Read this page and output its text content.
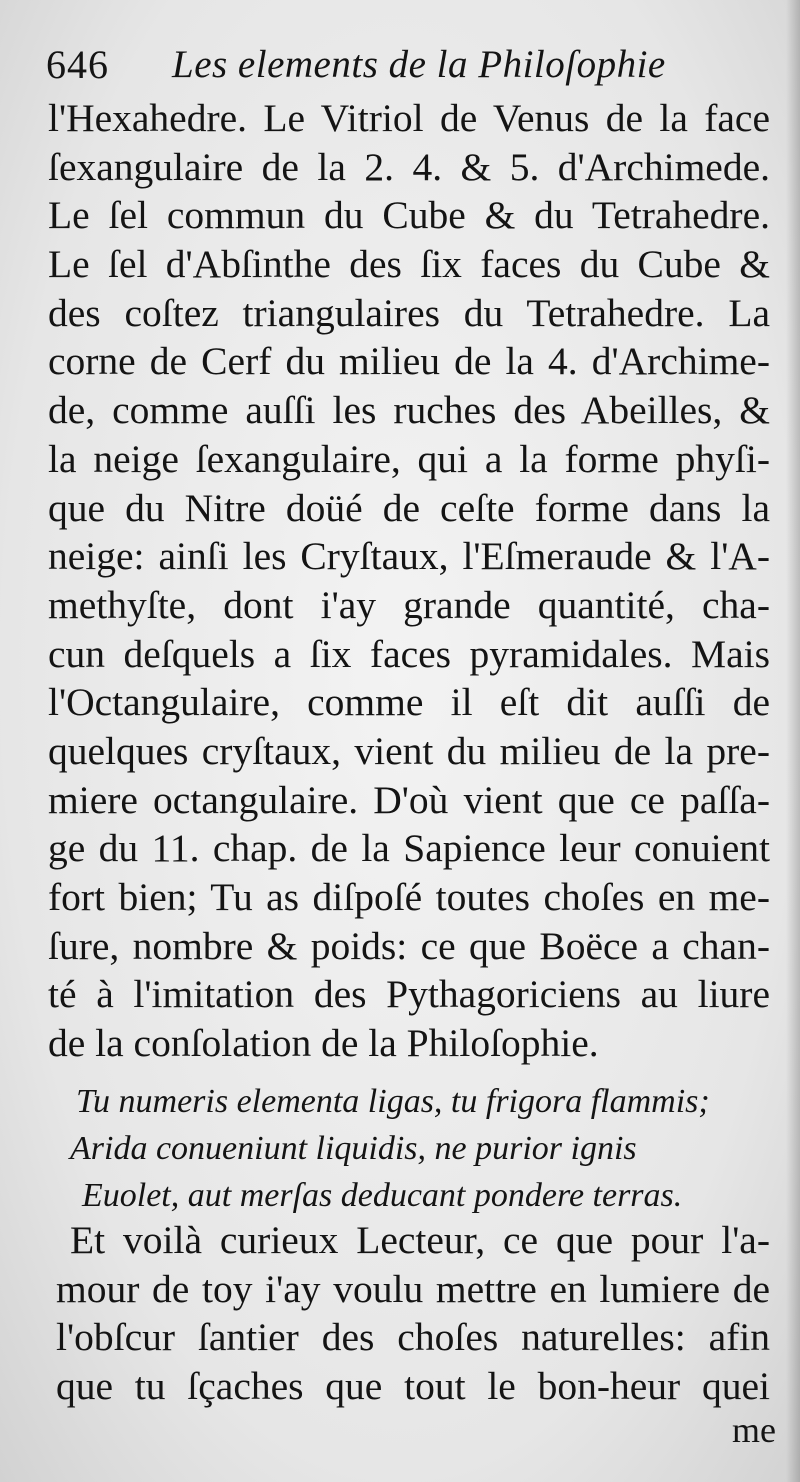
646 Les elements de la Philoſophie
l'Hexahedre. Le Vitriol de Venus de la face
ſexangulaire de la 2. 4. & 5. d'Archimede.
Le ſel commun du Cube & du Tetrahedre.
Le ſel d'Abſinthe des ſix faces du Cube &
des coſtez triangulaires du Tetrahedre. La
corne de Cerf du milieu de la 4. d'Archime-
de, comme auſſi les ruches des Abeilles, &
la neige ſexangulaire, qui a la forme phyſi-
que du Nitre doüé de ceſte forme dans la
neige: ainſi les Cryſtaux, l'Eſmeraude & l'A-
methyſte, dont i'ay grande quantité, cha-
cun deſquels a ſix faces pyramidales. Mais
l'Octangulaire, comme il eſt dit auſſi de
quelques cryſtaux, vient du milieu de la pre-
miere octangulaire. D'où vient que ce paſſa-
ge du 11. chap. de la Sapience leur conuient
fort bien; Tu as diſpoſé toutes choſes en me-
ſure, nombre & poids: ce que Boëce a chan-
té à l'imitation des Pythagoriciens au liure
de la conſolation de la Philoſophie.
Tu numeris elementa ligas, tu frigora flammis;
Arida conueniunt liquidis, ne purior ignis
Euolet, aut merſas deducant pondere terras.
Et voilà curieux Lecteur, ce que pour l'a-
mour de toy i'ay voulu mettre en lumiere de
l'obſcur ſantier des choſes naturelles: afin
que tu ſçaches que tout le bon-heur quei
me
